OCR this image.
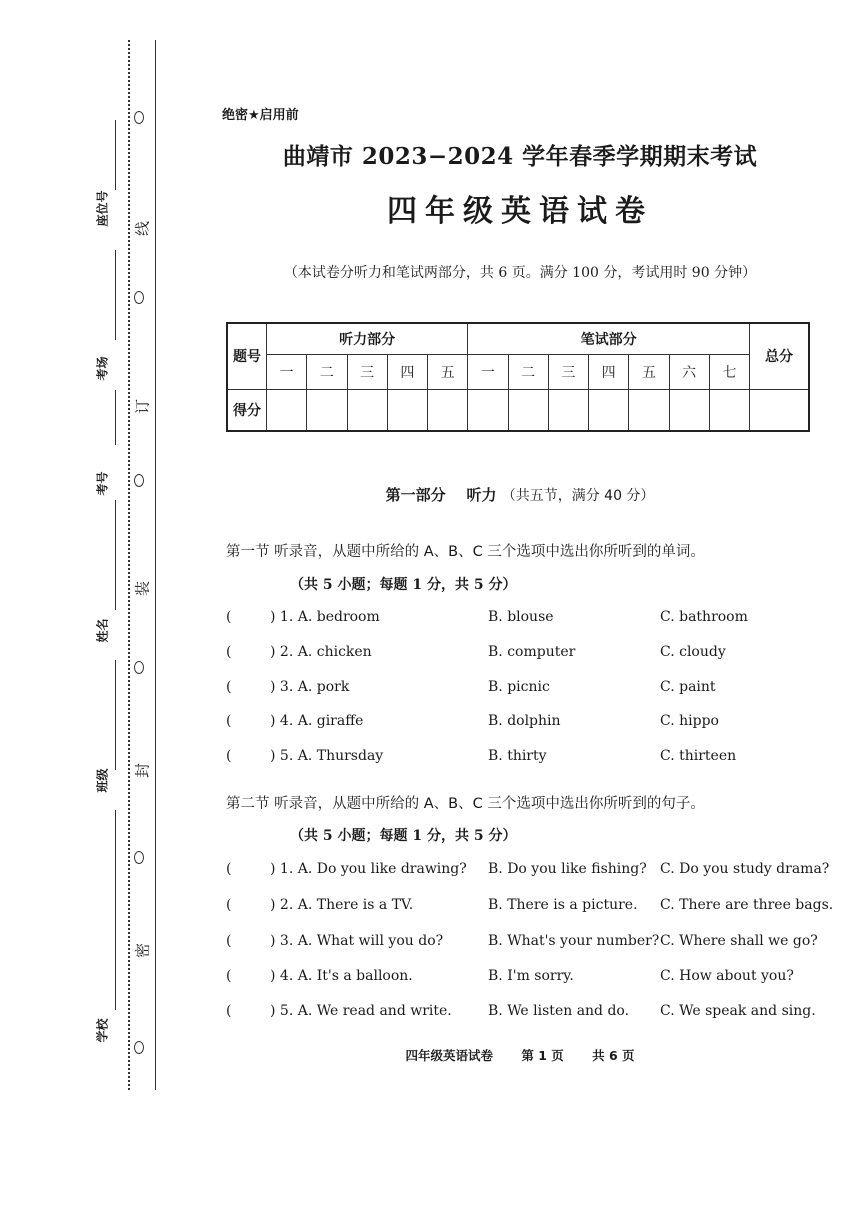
座位号
考场
考号
姓名
班级
学校
线
订
装
封
密
绝密★启用前
曲靖市 2023−2024 学年春季学期期末考试
四年级英语试卷
（本试卷分听力和笔试两部分，共 6 页。满分 100 分，考试用时 90 分钟）
题号	听力部分					笔试部分							总分
	一	二	三	四	五	一	二	三	四	五	六	七	
得分													
第一部分 听力 （共五节，满分 40 分）
第一节 听录音，从题中所给的 A、B、C 三个选项中选出你所听到的单词。
（共 5 小题；每题 1 分，共 5 分）
(	) 1. A. bedroom	B. blouse	C. bathroom
(	) 2. A. chicken	B. computer	C. cloudy
(	) 3. A. pork	B. picnic	C. paint
(	) 4. A. giraffe	B. dolphin	C. hippo
(	) 5. A. Thursday	B. thirty	C. thirteen
第二节 听录音，从题中所给的 A、B、C 三个选项中选出你所听到的句子。
（共 5 小题；每题 1 分，共 5 分）
(	) 1. A. Do you like drawing? B. Do you like fishing? C. Do you study drama?
(	) 2. A. There is a TV.	B. There is a picture. C. There are three bags.
(	) 3. A. What will you do?	B. What's your number? C. Where shall we go?
(	) 4. A. It's a balloon.	B. I'm sorry.	C. How about you?
(	) 5. A. We read and write.	B. We listen and do. C. We speak and sing.
四年级英语试卷 第 1 页 共 6 页
